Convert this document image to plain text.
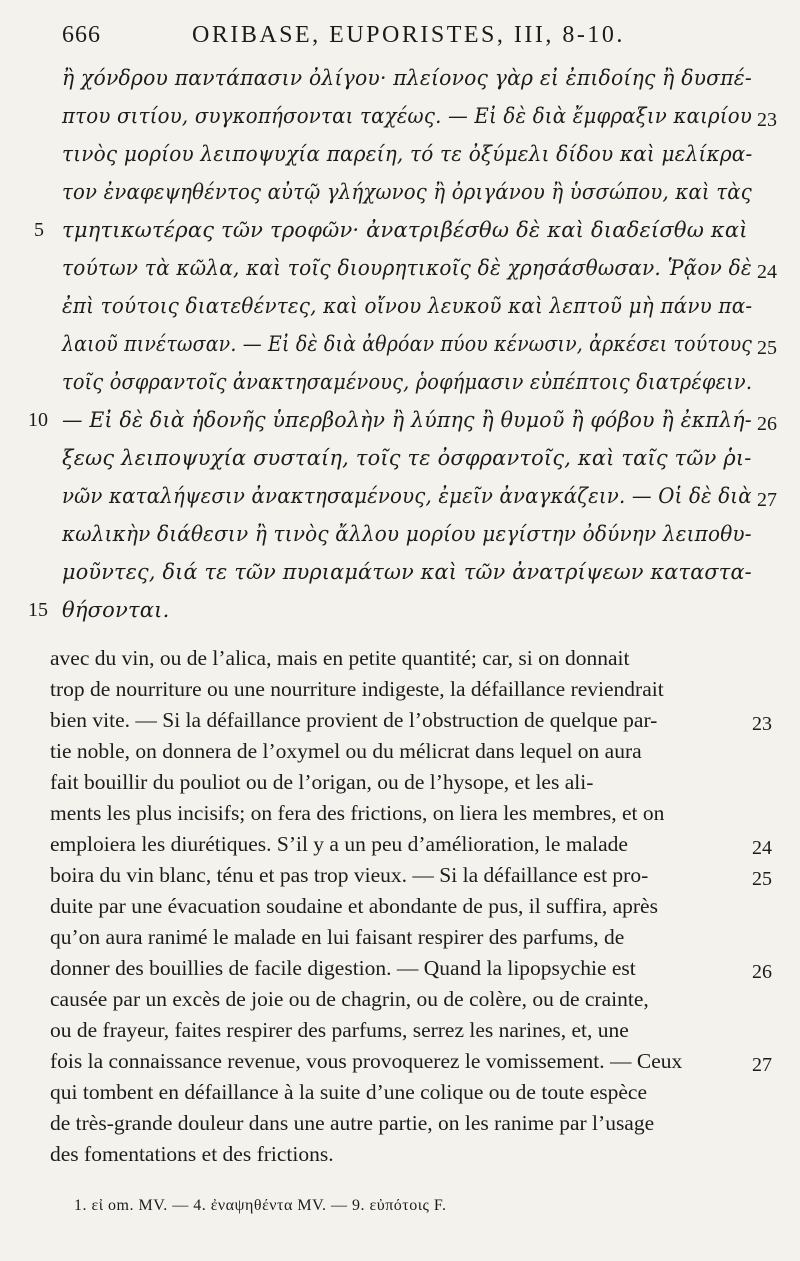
666	ORIBASE, EUPORISTES, III, 8-10.
ἢ χόνδρου παντάπασιν ὀλίγου· πλείονος γὰρ εἰ ἐπιδοίης ἢ δυσπέ-
πτου σιτίου, συγκοπήσονται ταχέως. — Εἰ δὲ διὰ ἔμφραξιν καιρίου
τινὸς μορίου λειποψυχία παρείη, τό τε ὀξύμελι δίδου καὶ μελίκρα-
τον ἐναφεψηθέντος αὐτῷ γλήχωνος ἢ ὀριγάνου ἢ ὑσσώπου, καὶ τὰς
τμητικωτέρας τῶν τροφῶν· ἀνατριβέσθω δὲ καὶ διαδείσθω καὶ
τούτων τὰ κῶλα, καὶ τοῖς διουρητικοῖς δὲ χρησάσθωσαν. Ῥᾷον δὲ
ἐπὶ τούτοις διατεθέντες, καὶ οἴνου λευκοῦ καὶ λεπτοῦ μὴ πάνυ πα-
λαιοῦ πινέτωσαν. — Εἰ δὲ διὰ ἀθρόαν πύου κένωσιν, ἀρκέσει τούτους
τοῖς ὀσφραντοῖς ἀνακτησαμένους, ῥοφήμασιν εὐπέπτοις διατρέφειν.
— Εἰ δὲ διὰ ἡδονῆς ὑπερβολὴν ἢ λύπης ἢ θυμοῦ ἢ φόβου ἢ ἐκπλή-
ξεως λειποψυχία συσταίη, τοῖς τε ὀσφραντοῖς, καὶ ταῖς τῶν ῥι-
νῶν καταλήψεσιν ἀνακτησαμένους, ἐμεῖν ἀναγκάζειν. — Οἱ δὲ διὰ
κωλικὴν διάθεσιν ἢ τινὸς ἄλλου μορίου μεγίστην ὀδύνην λειποθυ-
μοῦντες, διά τε τῶν πυριαμάτων καὶ τῶν ἀνατρίψεων καταστα-
θήσονται.
5
10
15
23
24
25
26
27
avec du vin, ou de l’alica, mais en petite quantité; car, si on donnait
trop de nourriture ou une nourriture indigeste, la défaillance reviendrait
bien vite. — Si la défaillance provient de l’obstruction de quelque par-
tie noble, on donnera de l’oxymel ou du mélicrat dans lequel on aura
fait bouillir du pouliot ou de l’origan, ou de l’hysope, et les ali-
ments les plus incisifs; on fera des frictions, on liera les membres, et on
emploiera les diurétiques. S’il y a un peu d’amélioration, le malade
boira du vin blanc, ténu et pas trop vieux. — Si la défaillance est pro-
duite par une évacuation soudaine et abondante de pus, il suffira, après
qu’on aura ranimé le malade en lui faisant respirer des parfums, de
donner des bouillies de facile digestion. — Quand la lipopsychie est
causée par un excès de joie ou de chagrin, ou de colère, ou de crainte,
ou de frayeur, faites respirer des parfums, serrez les narines, et, une
fois la connaissance revenue, vous provoquerez le vomissement. — Ceux
qui tombent en défaillance à la suite d’une colique ou de toute espèce
de très-grande douleur dans une autre partie, on les ranime par l’usage
des fomentations et des frictions.
23
24
25
26
27
1. εἰ om. MV. — 4. ἐναψηθέντα MV. — 9. εὐπότοις F.
